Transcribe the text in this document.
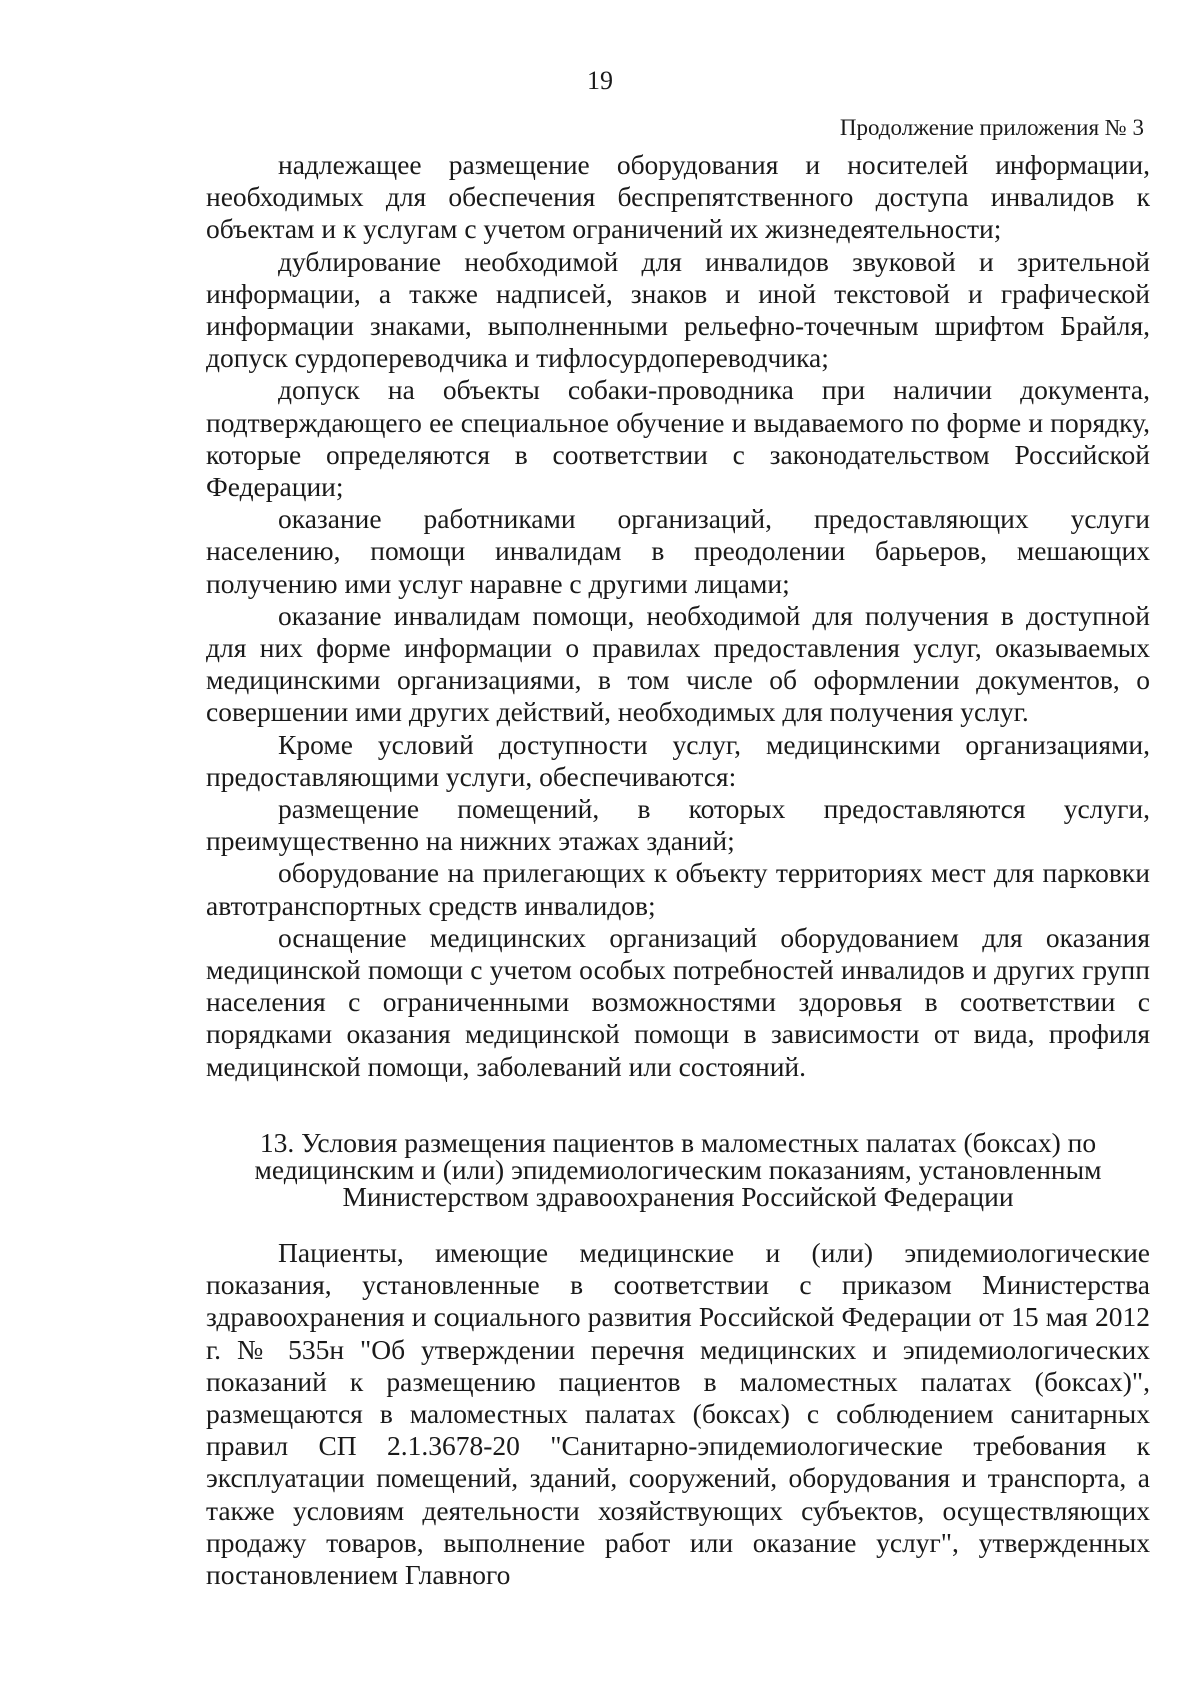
19
Продолжение приложения № 3

надлежащее размещение оборудования и носителей информации, необходимых для обеспечения беспрепятственного доступа инвалидов к объектам и к услугам с учетом ограничений их жизнедеятельности;

дублирование необходимой для инвалидов звуковой и зрительной информации, а также надписей, знаков и иной текстовой и графической информации знаками, выполненными рельефно-точечным шрифтом Брайля, допуск сурдопереводчика и тифлосурдопереводчика;

допуск на объекты собаки-проводника при наличии документа, подтверждающего ее специальное обучение и выдаваемого по форме и порядку, которые определяются в соответствии с законодательством Российской Федерации;

оказание работниками организаций, предоставляющих услуги населению, помощи инвалидам в преодолении барьеров, мешающих получению ими услуг наравне с другими лицами;

оказание инвалидам помощи, необходимой для получения в доступной для них форме информации о правилах предоставления услуг, оказываемых медицинскими организациями, в том числе об оформлении документов, о совершении ими других действий, необходимых для получения услуг.

Кроме условий доступности услуг, медицинскими организациями, предоставляющими услуги, обеспечиваются:

размещение помещений, в которых предоставляются услуги, преимущественно на нижних этажах зданий;

оборудование на прилегающих к объекту территориях мест для парковки автотранспортных средств инвалидов;

оснащение медицинских организаций оборудованием для оказания медицинской помощи с учетом особых потребностей инвалидов и других групп населения с ограниченными возможностями здоровья в соответствии с порядками оказания медицинской помощи в зависимости от вида, профиля медицинской помощи, заболеваний или состояний.

13. Условия размещения пациентов в маломестных палатах (боксах) по медицинским и (или) эпидемиологическим показаниям, установленным Министерством здравоохранения Российской Федерации

Пациенты, имеющие медицинские и (или) эпидемиологические показания, установленные в соответствии с приказом Министерства здравоохранения и социального развития Российской Федерации от 15 мая 2012 г. № 535н "Об утверждении перечня медицинских и эпидемиологических показаний к размещению пациентов в маломестных палатах (боксах)", размещаются в маломестных палатах (боксах) с соблюдением санитарных правил СП 2.1.3678-20 "Санитарно-эпидемиологические требования к эксплуатации помещений, зданий, сооружений, оборудования и транспорта, а также условиям деятельности хозяйствующих субъектов, осуществляющих продажу товаров, выполнение работ или оказание услуг", утвержденных постановлением Главного
